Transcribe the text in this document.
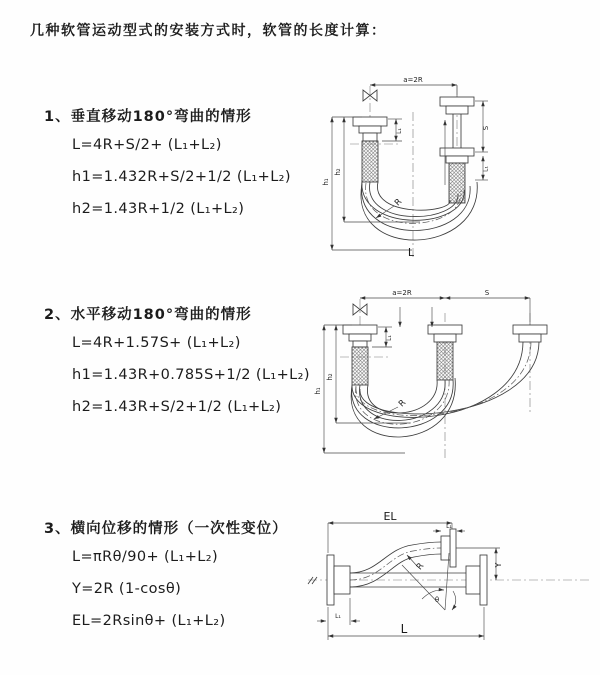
几种软管运动型式的安装方式时，软管的长度计算：
1、垂直移动180°弯曲的情形
L=4R+S/2+ (L₁+L₂)
h1=1.432R+S/2+1/2 (L₁+L₂)
h2=1.43R+1/2 (L₁+L₂)
2、水平移动180°弯曲的情形
L=4R+1.57S+ (L₁+L₂)
h1=1.43R+0.785S+1/2 (L₁+L₂)
h2=1.43R+S/2+1/2 (L₁+L₂)
3、横向位移的情形（一次性变位）
L=πRθ/90+ (L₁+L₂)
Y=2R (1-cosθ)
EL=2Rsinθ+ (L₁+L₂)
a=2R
h₁
h₂
S
L₁
L₁
R
L
a=2R	S
h₁
h₂
L₁
R
θ
R
EL
L₁
Y
L
L₁
